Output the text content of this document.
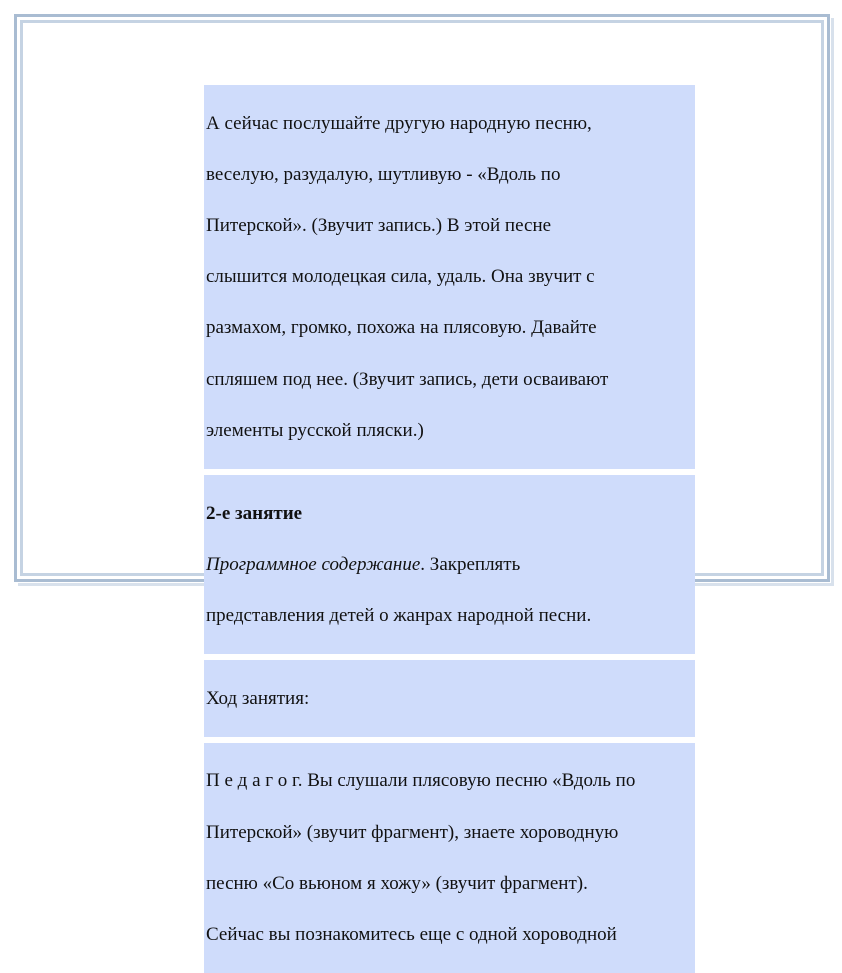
А сейчас послушайте другую народную песню,

веселую, разудалую, шутливую - «Вдоль по

Питерской». (Звучит запись.) В этой песне

слышится молодецкая сила, удаль. Она звучит с

размахом, громко, похожа на плясовую. Давайте

спляшем под нее. (Звучит запись, дети осваивают

элементы русской пляски.)

2-е занятие

Программное содержание. Закреплять

представления детей о жанрах народной песни.

Ход занятия:

П е д а г о г. Вы слушали плясовую песню «Вдоль по

Питерской» (звучит фрагмент), знаете хороводную

песню «Со вьюном я хожу» (звучит фрагмент).

Сейчас вы познакомитесь еще с одной хороводной
